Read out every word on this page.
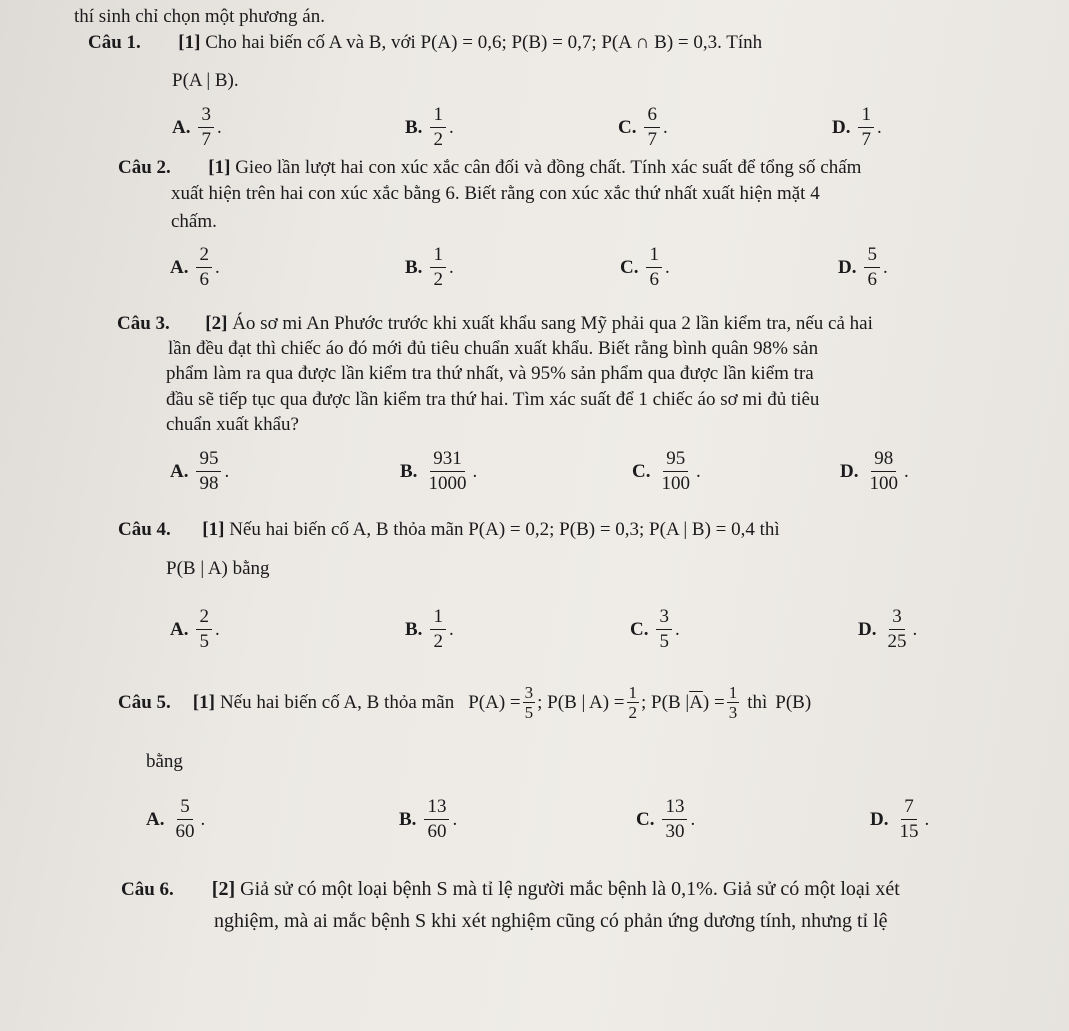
thí sinh chỉ chọn một phương án.
Câu 1. [1] Cho hai biến cố A và B, với P(A) = 0,6; P(B) = 0,7; P(A ∩ B) = 0,3. Tính
P(A | B).
A. $\frac{3}{7}$ .	B. $\frac{1}{2}$ .	C. $\frac{6}{7}$ .	D. $\frac{1}{7}$ .
Câu 2. [1] Gieo lần lượt hai con xúc xắc cân đối và đồng chất. Tính xác suất để tổng số chấm
xuất hiện trên hai con xúc xắc bằng 6. Biết rằng con xúc xắc thứ nhất xuất hiện mặt 4
chấm.
A. $\frac{2}{6}$ .	B. $\frac{1}{2}$ .	C. $\frac{1}{6}$ .	D. $\frac{5}{6}$ .
Câu 3. [2] Áo sơ mi An Phước trước khi xuất khẩu sang Mỹ phải qua 2 lần kiểm tra, nếu cả hai
lần đều đạt thì chiếc áo đó mới đủ tiêu chuẩn xuất khẩu. Biết rằng bình quân 98% sản
phẩm làm ra qua được lần kiểm tra thứ nhất, và 95% sản phẩm qua được lần kiểm tra
đầu sẽ tiếp tục qua được lần kiểm tra thứ hai. Tìm xác suất để 1 chiếc áo sơ mi đủ tiêu
chuẩn xuất khẩu?
A. $\frac{95}{98}$ .	B. $\frac{931}{1000}$ .	C. $\frac{95}{100}$ .	D. $\frac{98}{100}$ .
Câu 4. [1] Nếu hai biến cố A, B thỏa mãn P(A) = 0,2; P(B) = 0,3; P(A | B) = 0,4 thì
P(B | A) bằng
A. $\frac{2}{5}$ .	B. $\frac{1}{2}$ .	C. $\frac{3}{5}$ .	D. $\frac{3}{25}$ .
Câu 5. [1] Nếu hai biến cố A, B thỏa mãn $P(A) = \frac{3}{5}$ ; P(B | $A) = \frac{1}{2}$ ; P(B | $\overline{A}$ ) = $\frac{1}{3}$ thì P(B)
bằng
A. $\frac{5}{60}$ .	B. $\frac{13}{60}$ .	C. $\frac{13}{30}$ .	D. $\frac{7}{15}$ .
Câu 6. [2] Giả sử có một loại bệnh S mà tỉ lệ người mắc bệnh là 0,1%. Giả sử có một loại xét
nghiệm, mà ai mắc bệnh S khi xét nghiệm cũng có phản ứng dương tính, nhưng tỉ lệ
